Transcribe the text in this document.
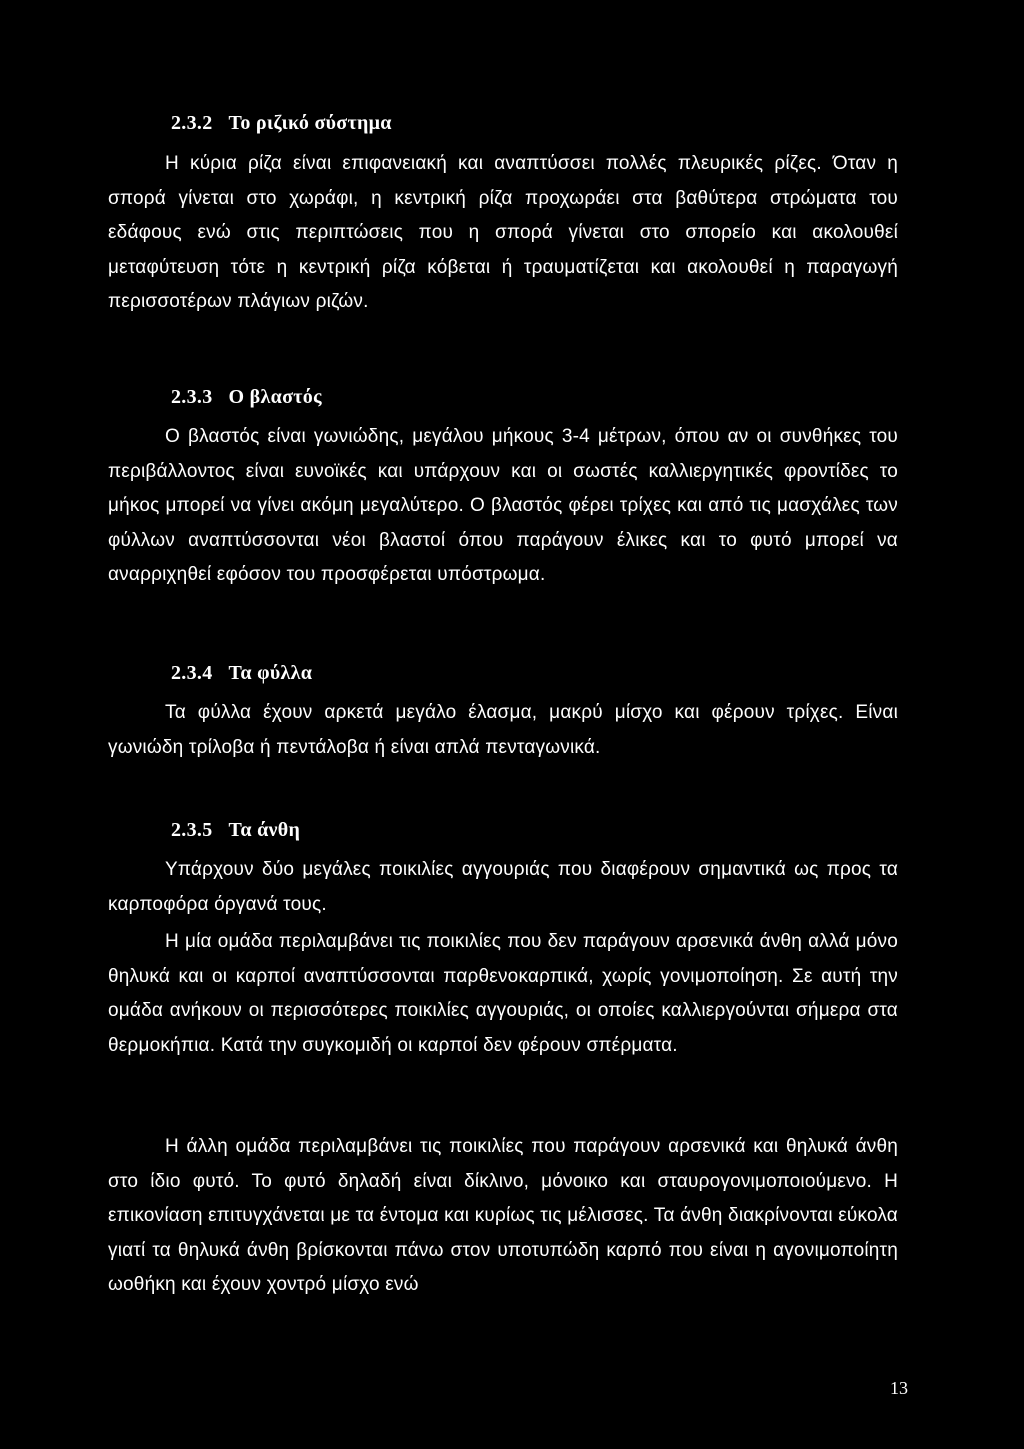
2.3.2 Το ριζικό σύστημα

Η κύρια ρίζα είναι επιφανειακή και αναπτύσσει πολλές πλευρικές ρίζες. Όταν η σπορά γίνεται στο χωράφι, η κεντρική ρίζα προχωράει στα βαθύτερα στρώματα του εδάφους ενώ στις περιπτώσεις που η σπορά γίνεται στο σπορείο και ακολουθεί μεταφύτευση τότε η κεντρική ρίζα κόβεται ή τραυματίζεται και ακολουθεί η παραγωγή περισσοτέρων πλάγιων ριζών.

2.3.3 Ο βλαστός

Ο βλαστός είναι γωνιώδης, μεγάλου μήκους 3-4 μέτρων, όπου αν οι συνθήκες του περιβάλλοντος είναι ευνοϊκές και υπάρχουν και οι σωστές καλλιεργητικές φροντίδες το μήκος μπορεί να γίνει ακόμη μεγαλύτερο. Ο βλαστός φέρει τρίχες και από τις μασχάλες των φύλλων αναπτύσσονται νέοι βλαστοί όπου παράγουν έλικες και το φυτό μπορεί να αναρριχηθεί εφόσον του προσφέρεται υπόστρωμα.

2.3.4 Τα φύλλα

Τα φύλλα έχουν αρκετά μεγάλο έλασμα, μακρύ μίσχο και φέρουν τρίχες. Είναι γωνιώδη τρίλοβα ή πεντάλοβα ή είναι απλά πενταγωνικά.

2.3.5 Τα άνθη

Υπάρχουν δύο μεγάλες ποικιλίες αγγουριάς που διαφέρουν σημαντικά ως προς τα καρποφόρα όργανά τους.

Η μία ομάδα περιλαμβάνει τις ποικιλίες που δεν παράγουν αρσενικά άνθη αλλά μόνο θηλυκά και οι καρποί αναπτύσσονται παρθενοκαρπικά, χωρίς γονιμοποίηση. Σε αυτή την ομάδα ανήκουν οι περισσότερες ποικιλίες αγγουριάς, οι οποίες καλλιεργούνται σήμερα στα θερμοκήπια. Κατά την συγκομιδή οι καρποί δεν φέρουν σπέρματα.

Η άλλη ομάδα περιλαμβάνει τις ποικιλίες που παράγουν αρσενικά και θηλυκά άνθη στο ίδιο φυτό. Το φυτό δηλαδή είναι δίκλινο, μόνοικο και σταυρογονιμοποιούμενο. Η επικονίαση επιτυγχάνεται με τα έντομα και κυρίως τις μέλισσες. Τα άνθη διακρίνονται εύκολα γιατί τα θηλυκά άνθη βρίσκονται πάνω στον υποτυπώδη καρπό που είναι η αγονιμοποίητη ωοθήκη και έχουν χοντρό μίσχο ενώ

13
